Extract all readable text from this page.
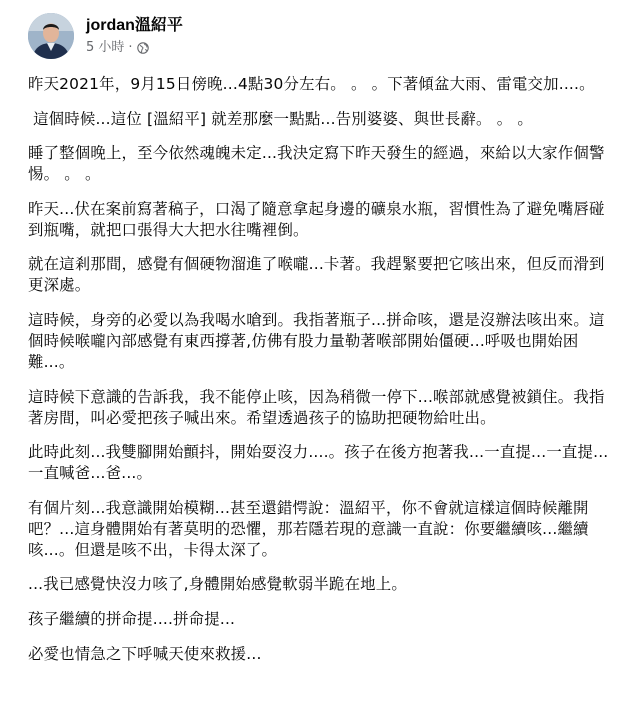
jordan溫紹平
5 小時 ·

昨天2021年，9月15日傍晚...4點30分左右。 。 。下著傾盆大雨、雷電交加....。

這個時候...這位 [溫紹平] 就差那麼一點點...告別婆婆、與世長辭。 。 。

睡了整個晚上，至今依然魂魄未定...我決定寫下昨天發生的經過，來給以大家作個警惕。 。 。

昨天...伏在案前寫著稿子，口渴了隨意拿起身邊的礦泉水瓶，習慣性為了避免嘴唇碰到瓶嘴，就把口張得大大把水往嘴裡倒。

就在這剎那間，感覺有個硬物溜進了喉嚨...卡著。我趕緊要把它咳出來，但反而滑到更深處。

這時候，身旁的必愛以為我喝水嗆到。我指著瓶子...拼命咳，還是沒辦法咳出來。這個時候喉嚨內部感覺有東西撐著,仿佛有股力量勒著喉部開始僵硬...呼吸也開始困難...。

這時候下意識的告訴我，我不能停止咳，因為稍微一停下...喉部就感覺被鎖住。我指著房間，叫必愛把孩子喊出來。希望透過孩子的協助把硬物給吐出。

此時此刻...我雙腳開始顫抖，開始耍沒力....。孩子在後方抱著我...一直提...一直提...一直喊爸...爸...。

有個片刻...我意識開始模糊...甚至還錯愕說：溫紹平，你不會就這樣這個時候離開吧？...這身體開始有著莫明的恐懼，那若隱若現的意識一直說：你要繼續咳...繼續咳...。但還是咳不出，卡得太深了。

...我已感覺快沒力咳了,身體開始感覺軟弱半跪在地上。

孩子繼續的拼命提....拼命提...

必愛也情急之下呼喊天使來救援...
